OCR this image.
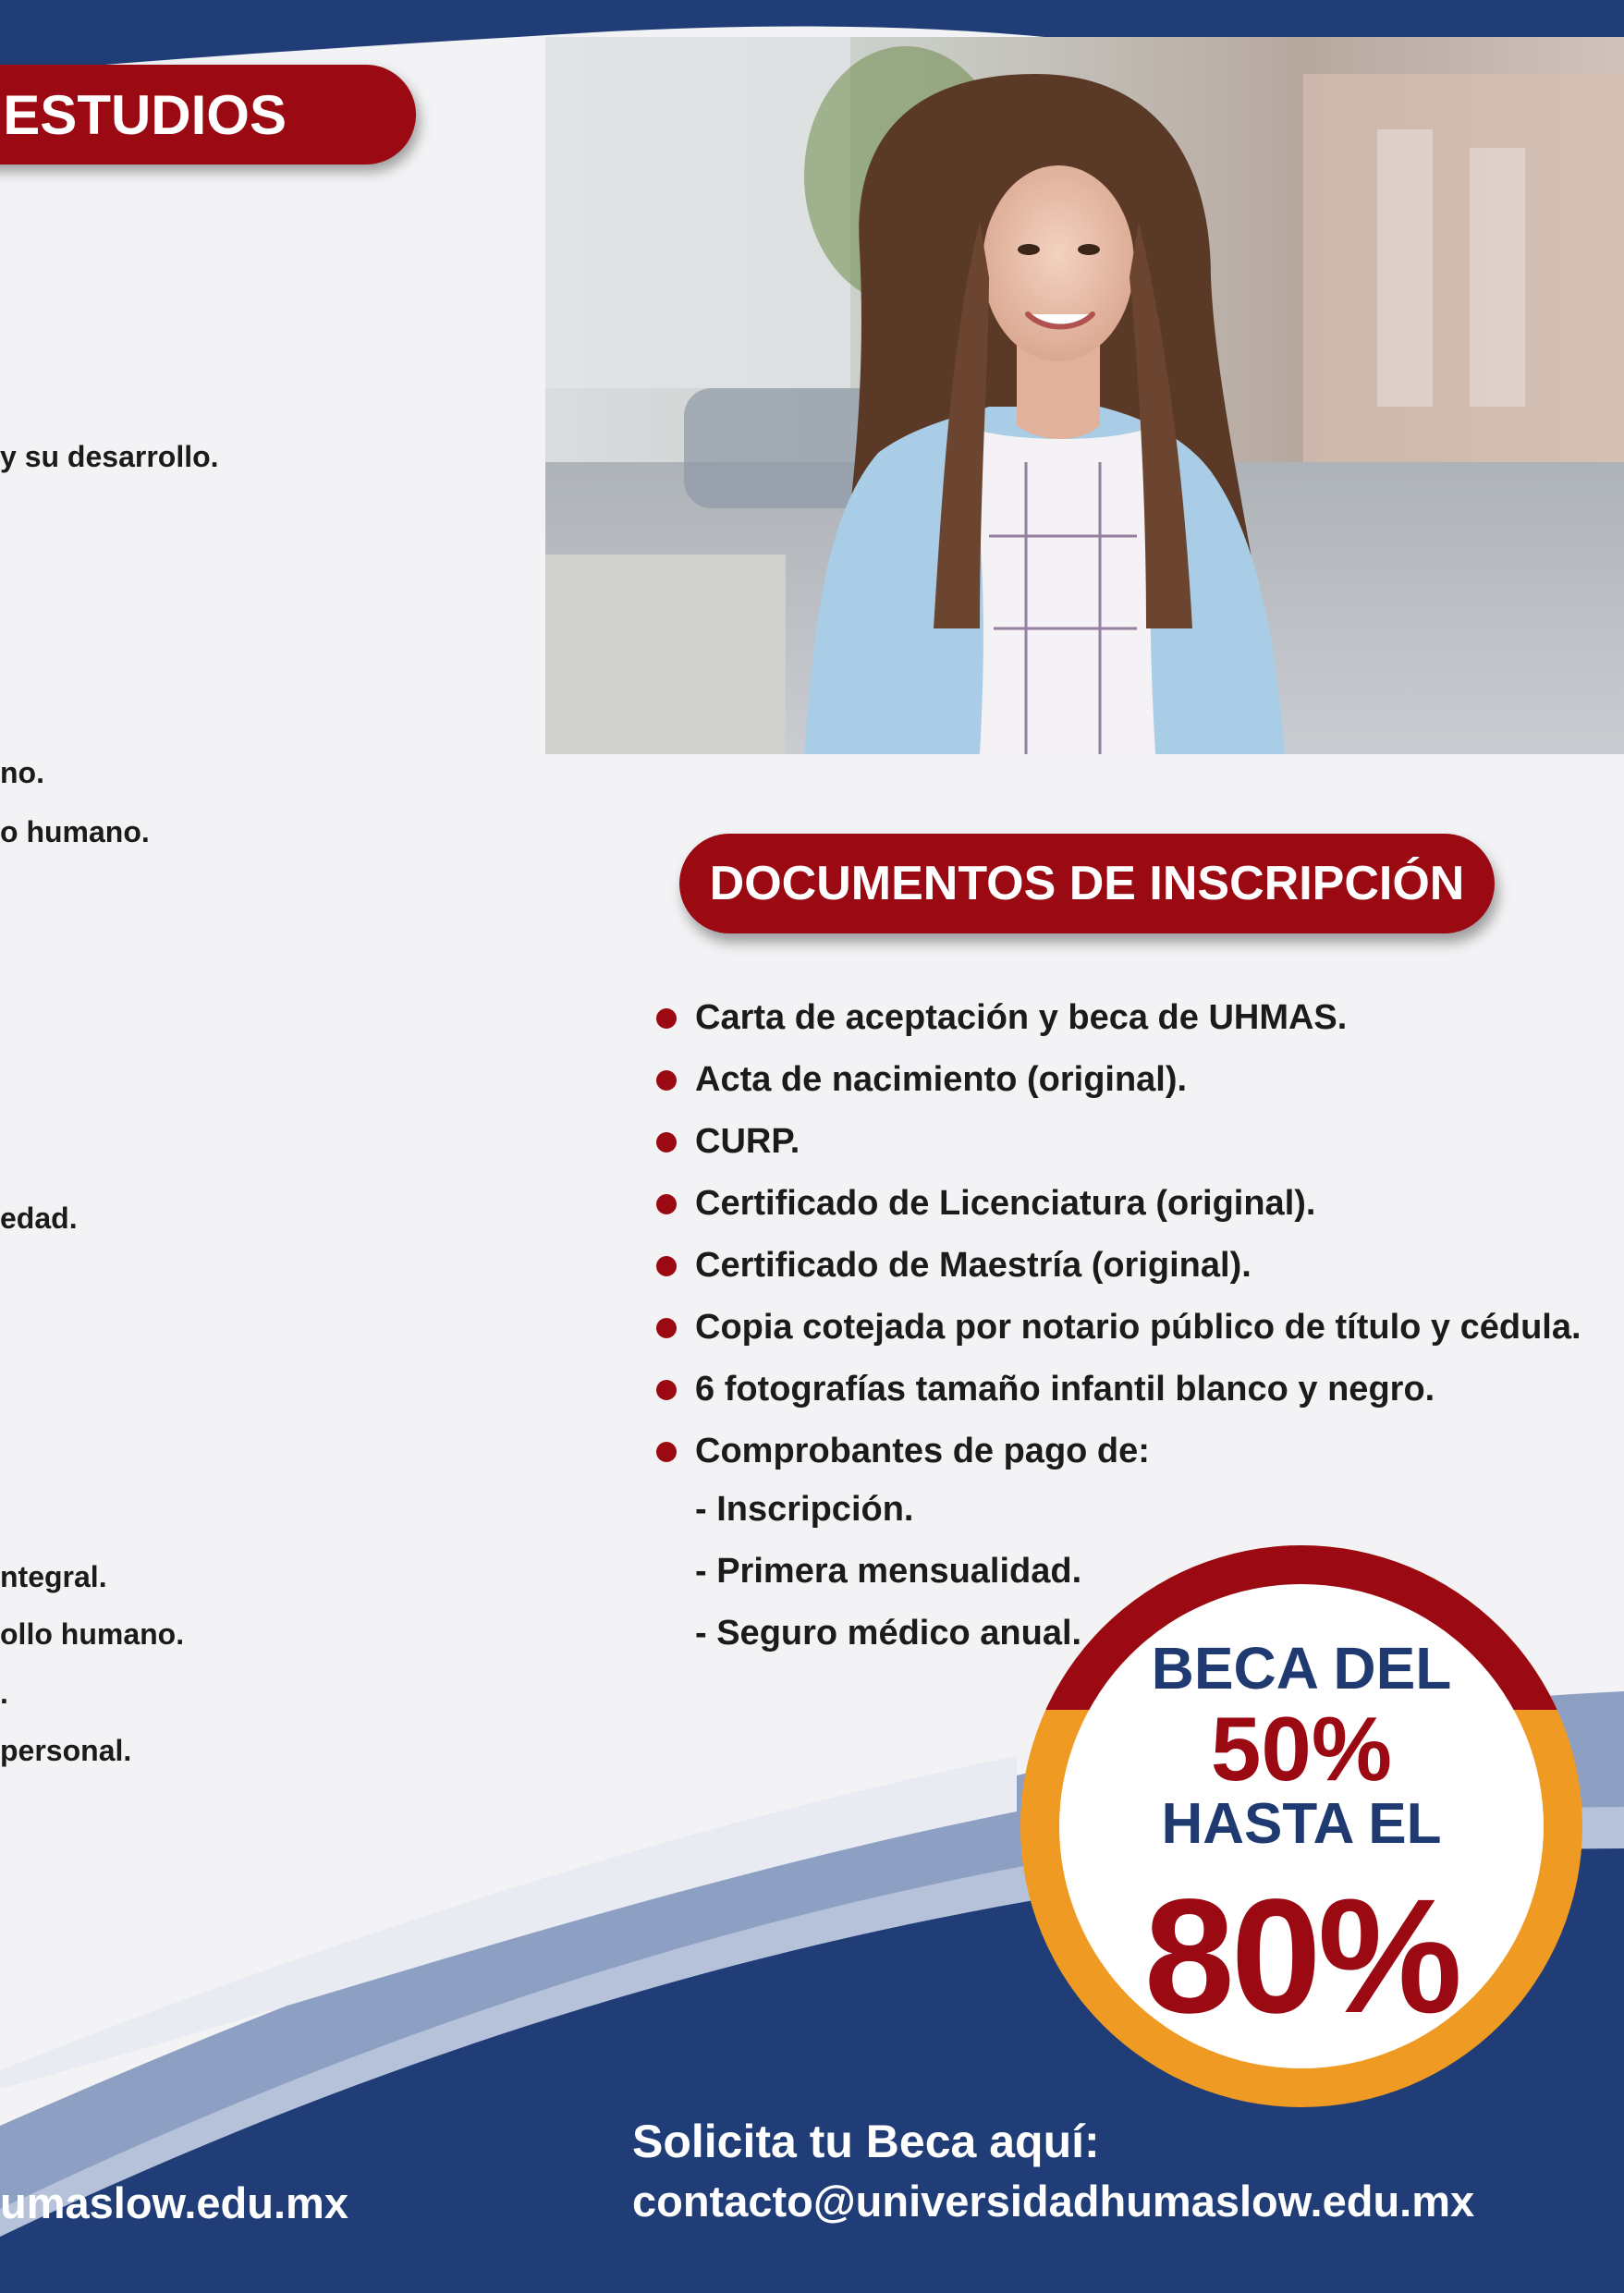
ESTUDIOS
y su desarrollo.
no.
o humano.
edad.
ntegral.
ollo humano.
.
personal.
DOCUMENTOS DE INSCRIPCIÓN
Carta de aceptación y beca de UHMAS.
Acta de nacimiento (original).
CURP.
Certificado de Licenciatura (original).
Certificado de Maestría (original).
Copia cotejada por notario público de título y cédula.
6 fotografías tamaño infantil blanco y negro.
Comprobantes de pago de:
- Inscripción.
- Primera mensualidad.
- Seguro médico anual.
BECA DEL
50%
HASTA EL
80%
Solicita tu Beca aquí:
contacto@universidadhumaslow.edu.mx
umaslow.edu.mx
